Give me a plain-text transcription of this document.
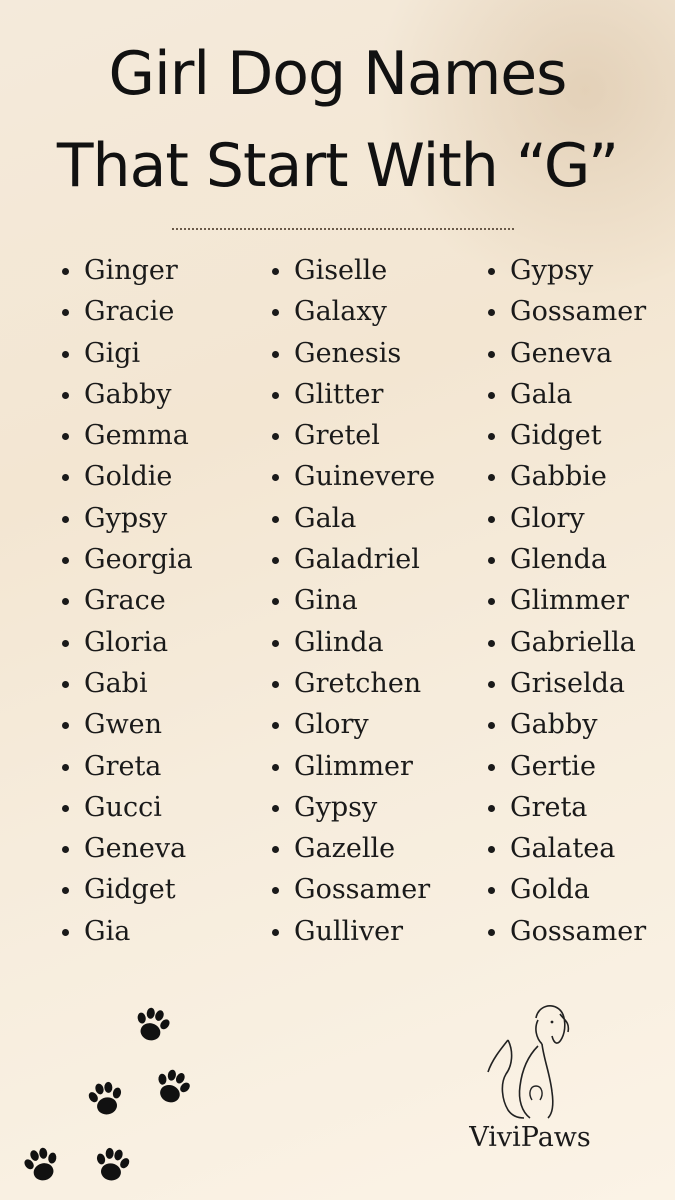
Girl Dog Names
That Start With “G”
Ginger
Gracie
Gigi
Gabby
Gemma
Goldie
Gypsy
Georgia
Grace
Gloria
Gabi
Gwen
Greta
Gucci
Geneva
Gidget
Gia
Giselle
Galaxy
Genesis
Glitter
Gretel
Guinevere
Gala
Galadriel
Gina
Glinda
Gretchen
Glory
Glimmer
Gypsy
Gazelle
Gossamer
Gulliver
Gypsy
Gossamer
Geneva
Gala
Gidget
Gabbie
Glory
Glenda
Glimmer
Gabriella
Griselda
Gabby
Gertie
Greta
Galatea
Golda
Gossamer
ViviPaws
